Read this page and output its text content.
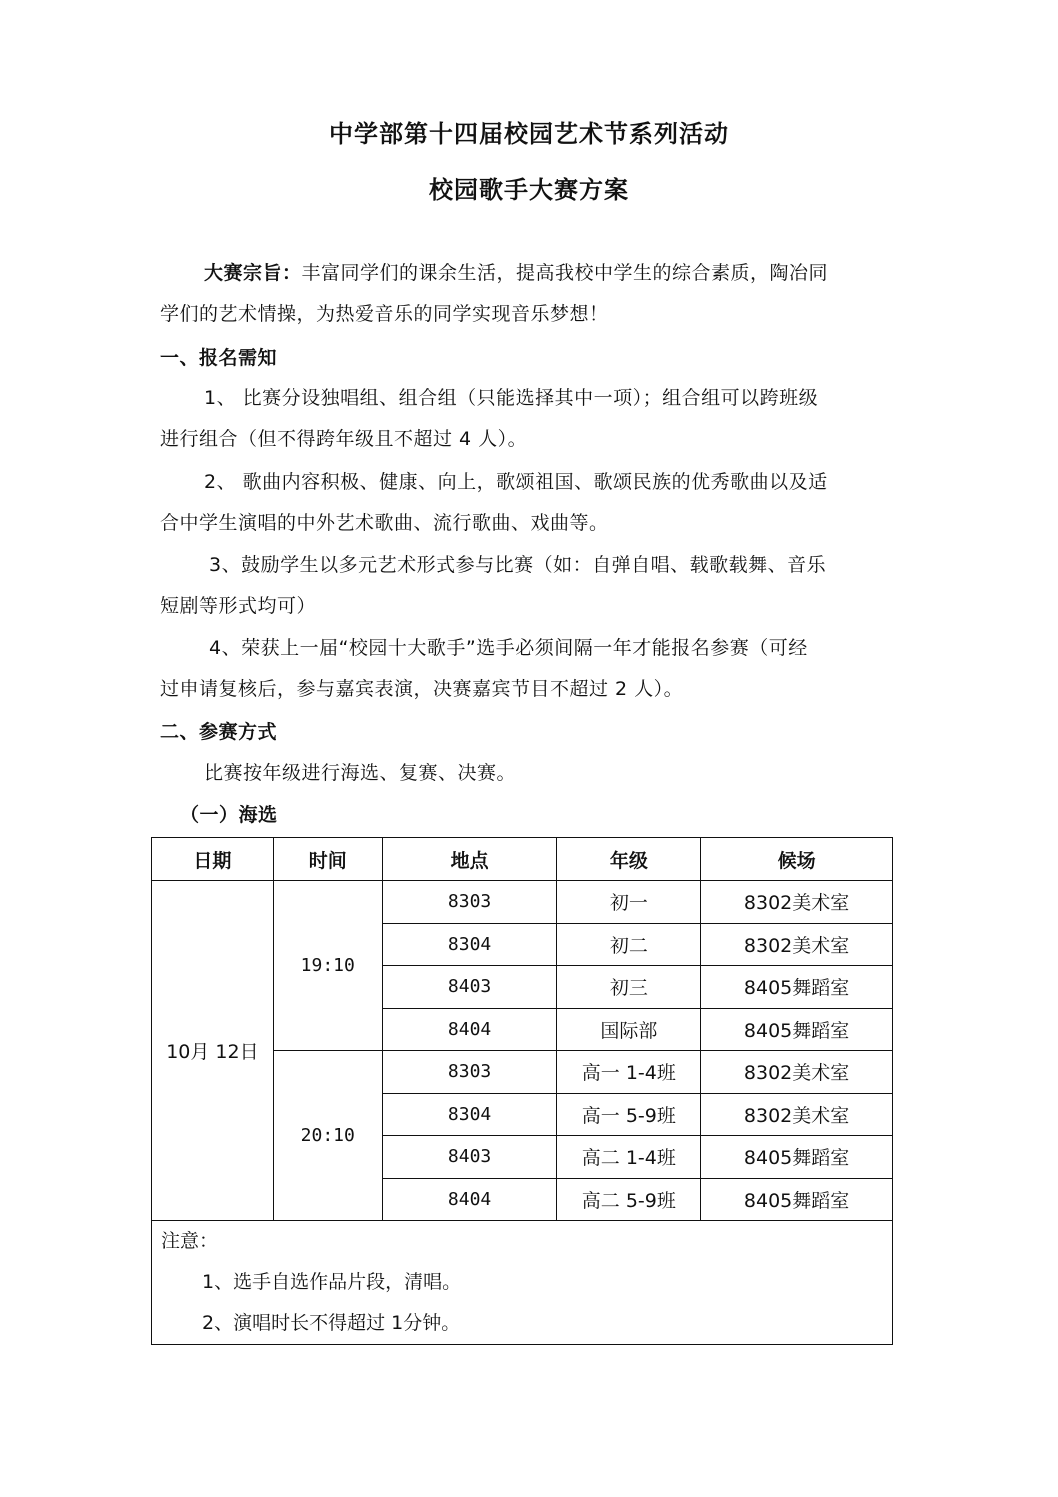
中学部第十四届校园艺术节系列活动
校园歌手大赛方案
大赛宗旨：丰富同学们的课余生活，提高我校中学生的综合素质，陶冶同
学们的艺术情操，为热爱音乐的同学实现音乐梦想！
一、报名需知
1、 比赛分设独唱组、组合组（只能选择其中一项）；组合组可以跨班级
进行组合（但不得跨年级且不超过 4 人）。
2、 歌曲内容积极、健康、向上，歌颂祖国、歌颂民族的优秀歌曲以及适
合中学生演唱的中外艺术歌曲、流行歌曲、戏曲等。
3、鼓励学生以多元艺术形式参与比赛（如：自弹自唱、载歌载舞、音乐
短剧等形式均可）
4、荣获上一届“校园十大歌手”选手必须间隔一年才能报名参赛（可经
过申请复核后，参与嘉宾表演，决赛嘉宾节目不超过 2 人）。
二、参赛方式
比赛按年级进行海选、复赛、决赛。
（一）海选
日期	时间	地点	年级	候场
10月 12日	19:10	8303	初一	8302美术室
		8304	初二	8302美术室
		8403	初三	8405舞蹈室
		8404	国际部	8405舞蹈室
	20:10	8303	高一 1-4班	8302美术室
		8304	高一 5-9班	8302美术室
		8403	高二 1-4班	8405舞蹈室
		8404	高二 5-9班	8405舞蹈室

注意：
1、选手自选作品片段，清唱。
2、演唱时长不得超过 1分钟。				
